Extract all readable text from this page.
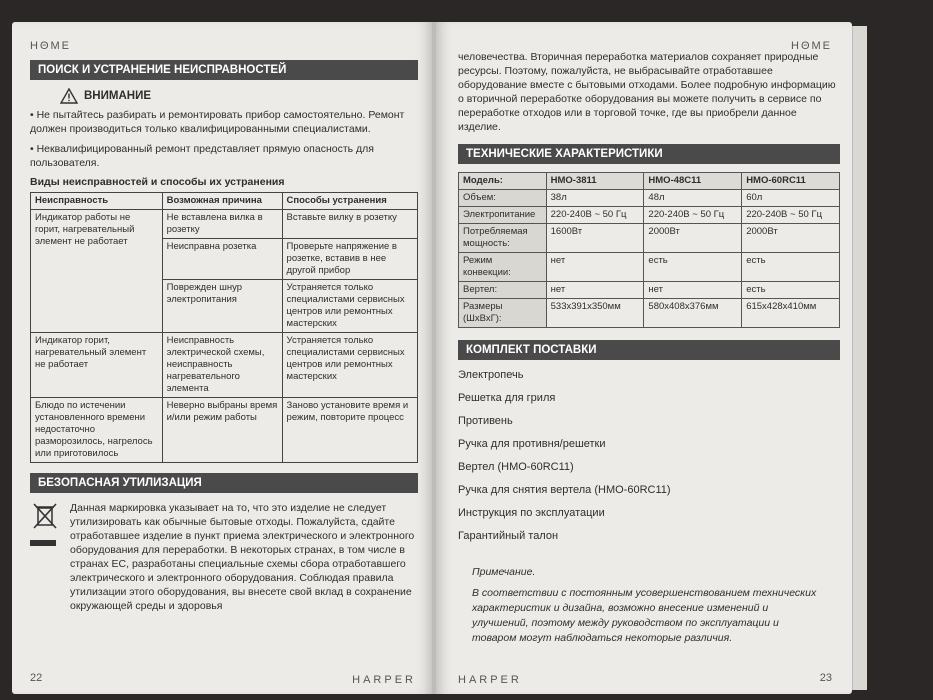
HΘME
ПОИСК И УСТРАНЕНИЕ НЕИСПРАВНОСТЕЙ
ВНИМАНИЕ

• Не пытайтесь разбирать и ремонтировать прибор самостоятельно. Ремонт должен производиться только квалифицированными специалистами.

• Неквалифицированный ремонт представляет прямую опасность для пользователя.

Виды неисправностей и способы их устранения
Неисправность	Возможная причина	Способы устранения
Индикатор работы не горит, нагревательный элемент не работает	Не вставлена вилка в розетку	Вставьте вилку в розетку
	Неисправна розетка	Проверьте напряжение в розетке, вставив в нее другой прибор
	Поврежден шнур электропитания	Устраняется только специалистами сервисных центров или ремонтных мастерских
Индикатор горит, нагревательный элемент не работает	Неисправность электрической схемы, неисправность нагревательного элемента	Устраняется только специалистами сервисных центров или ремонтных мастерских
Блюдо по истечении установленного времени недостаточно разморозилось, нагрелось или приготовилось	Неверно выбраны время и/или режим работы	Заново установите время и режим, повторите процесс
БЕЗОПАСНАЯ УТИЛИЗАЦИЯ

Данная маркировка указывает на то, что это изделие не следует утилизировать как обычные бытовые отходы. Пожалуйста, сдайте отработавшее изделие в пункт приема электрического и электронного оборудования для переработки. В некоторых странах, в том числе в странах ЕС, разработаны специальные схемы сбора отработавшего электрического и электронного оборудования. Соблюдая правила утилизации этого оборудования, вы внесете свой вклад в сохранение окружающей среды и здоровья

22	HARPER
HΘME

человечества. Вторичная переработка материалов сохраняет природные ресурсы. Поэтому, пожалуйста, не выбрасывайте отработавшее оборудование вместе с бытовыми отходами. Более подробную информацию о вторичной переработке оборудования вы можете получить в сервисе по переработке отходов или в торговой точке, где вы приобрели данное изделие.

ТЕХНИЧЕСКИЕ ХАРАКТЕРИСТИКИ
Модель:	HMO-3811	HMO-48C11	HMO-60RC11
Объем:	38л	48л	60л
Электропитание	220-240В ~ 50 Гц	220-240В ~ 50 Гц	220-240В ~ 50 Гц
Потребляемая мощность:	1600Вт	2000Вт	2000Вт
Режим конвекции:	нет	есть	есть
Вертел:	нет	нет	есть
Размеры (ШхВхГ):	533x391x350мм	580x408x376мм	615x428x410мм
КОМПЛЕКТ ПОСТАВКИ

Электропечь

Решетка для гриля

Противень

Ручка для противня/решетки

Вертел (HMO-60RC11)

Ручка для снятия вертела (HMO-60RC11)

Инструкция по эксплуатации

Гарантийный талон

Примечание.

В соответствии с постоянным усовершенствованием технических характеристик и дизайна, возможно внесение изменений и улучшений, поэтому между руководством по эксплуатации и товаром могут наблюдаться некоторые различия.

HARPER	23
